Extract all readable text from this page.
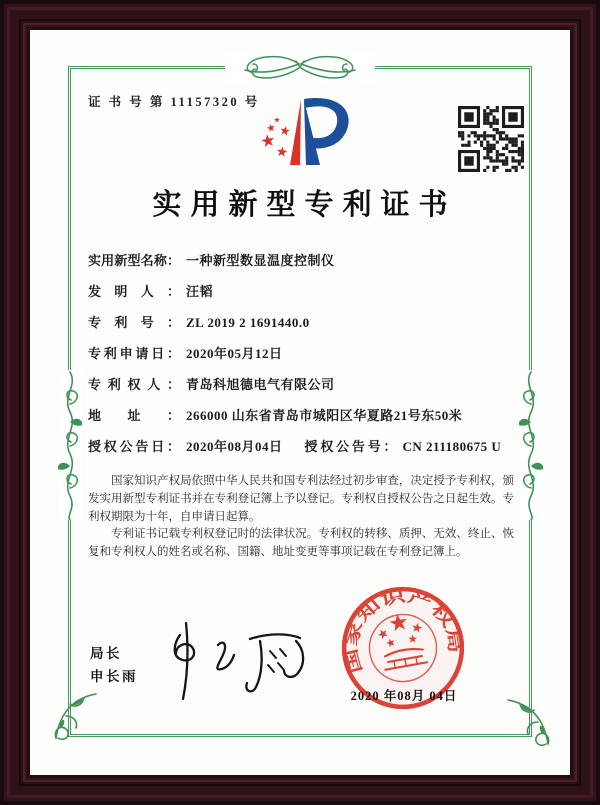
证 书 号 第 11157320 号
实用新型专利证书
实用新型名称： 一种新型数显温度控制仪
发明人： 汪韬
专利号： ZL 2019 2 1691440.0
专利申请日： 2020年05月12日
专利权人： 青岛科旭德电气有限公司
地址： 266000 山东省青岛市城阳区华夏路21号东50米
授权公告日： 2020年08月04日 授权公告号： CN 211180675 U

国家知识产权局依照中华人民共和国专利法经过初步审查，决定授予专利权，颁发实用新型专利证书并在专利登记簿上予以登记。专利权自授权公告之日起生效。专利权期限为十年，自申请日起算。

专利证书记载专利权登记时的法律状况。专利权的转移、质押、无效、终止、恢复和专利权人的姓名或名称、国籍、地址变更等事项记载在专利登记簿上。

局长
申长雨
国家知识产权局
2020 年08月 04日
